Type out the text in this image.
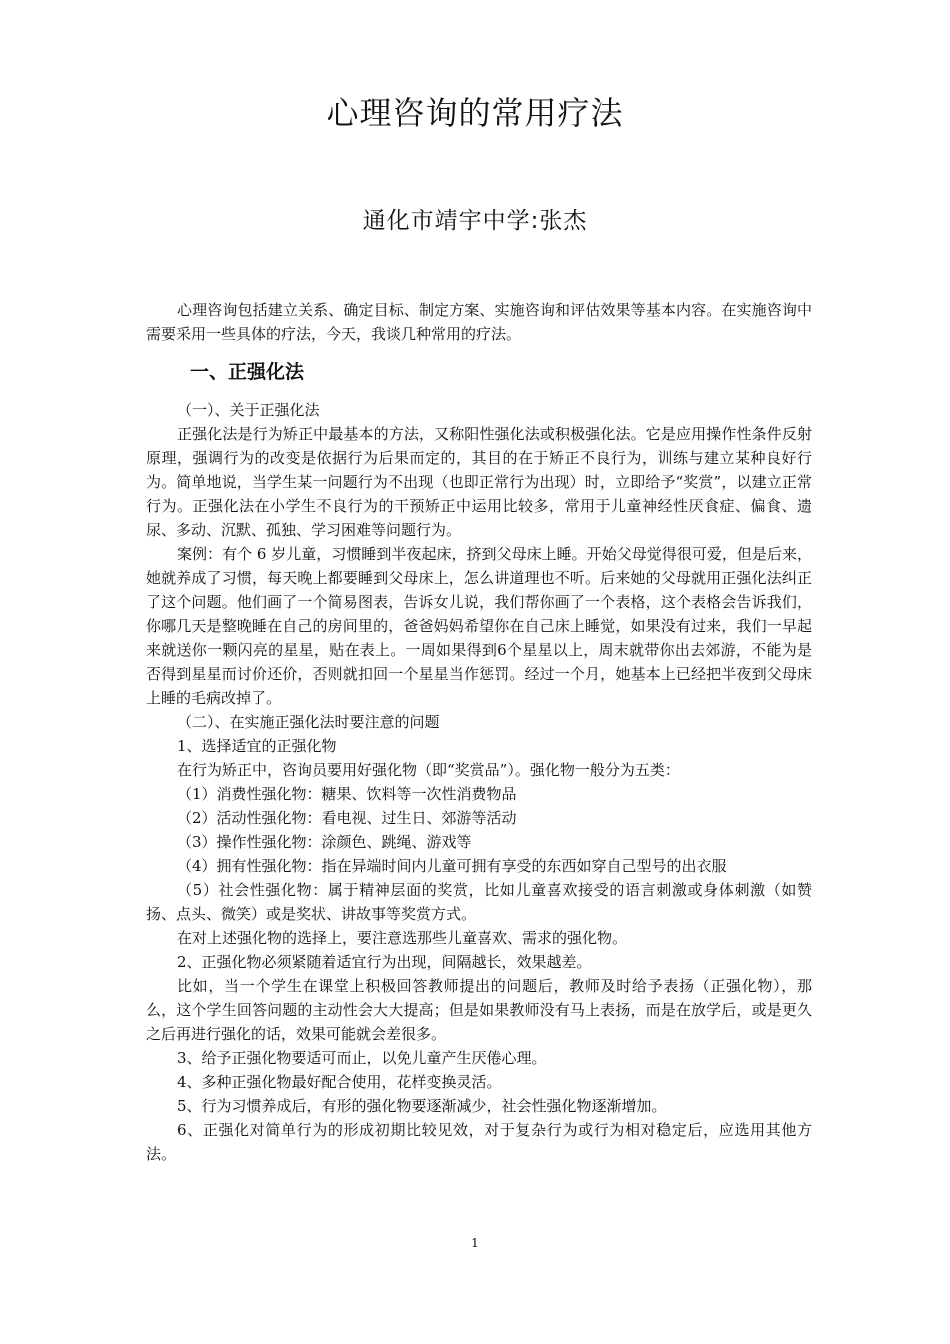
心理咨询的常用疗法
通化市靖宇中学:张杰

心理咨询包括建立关系、确定目标、制定方案、实施咨询和评估效果等基本内容。在实施咨询中需要采用一些具体的疗法，今天，我谈几种常用的疗法。

一、正强化法

（一）、关于正强化法

正强化法是行为矫正中最基本的方法，又称阳性强化法或积极强化法。它是应用操作性条件反射原理，强调行为的改变是依据行为后果而定的，其目的在于矫正不良行为，训练与建立某种良好行为。简单地说，当学生某一问题行为不出现（也即正常行为出现）时，立即给予“奖赏”，以建立正常行为。正强化法在小学生不良行为的干预矫正中运用比较多，常用于儿童神经性厌食症、偏食、遗尿、多动、沉默、孤独、学习困难等问题行为。

案例：有个 6 岁儿童，习惯睡到半夜起床，挤到父母床上睡。开始父母觉得很可爱，但是后来，她就养成了习惯，每天晚上都要睡到父母床上，怎么讲道理也不听。后来她的父母就用正强化法纠正了这个问题。他们画了一个简易图表，告诉女儿说，我们帮你画了一个表格，这个表格会告诉我们，你哪几天是整晚睡在自己的房间里的，爸爸妈妈希望你在自己床上睡觉，如果没有过来，我们一早起来就送你一颗闪亮的星星，贴在表上。一周如果得到6个星星以上，周末就带你出去郊游，不能为是否得到星星而讨价还价，否则就扣回一个星星当作惩罚。经过一个月，她基本上已经把半夜到父母床上睡的毛病改掉了。

（二）、在实施正强化法时要注意的问题

1、选择适宜的正强化物

在行为矫正中，咨询员要用好强化物（即“奖赏品”）。强化物一般分为五类：

（1）消费性强化物：糖果、饮料等一次性消费物品

（2）活动性强化物：看电视、过生日、郊游等活动

（3）操作性强化物：涂颜色、跳绳、游戏等

（4）拥有性强化物：指在异端时间内儿童可拥有享受的东西如穿自己型号的出衣服

（5）社会性强化物：属于精神层面的奖赏，比如儿童喜欢接受的语言刺激或身体刺激（如赞扬、点头、微笑）或是奖状、讲故事等奖赏方式。

在对上述强化物的选择上，要注意选那些儿童喜欢、需求的强化物。

2、正强化物必须紧随着适宜行为出现，间隔越长，效果越差。

比如，当一个学生在课堂上积极回答教师提出的问题后，教师及时给予表扬（正强化物），那么，这个学生回答问题的主动性会大大提高；但是如果教师没有马上表扬，而是在放学后，或是更久之后再进行强化的话，效果可能就会差很多。

3、给予正强化物要适可而止，以免儿童产生厌倦心理。

4、多种正强化物最好配合使用，花样变换灵活。

5、行为习惯养成后，有形的强化物要逐渐减少，社会性强化物逐渐增加。

6、正强化对简单行为的形成初期比较见效，对于复杂行为或行为相对稳定后，应选用其他方法。

1
